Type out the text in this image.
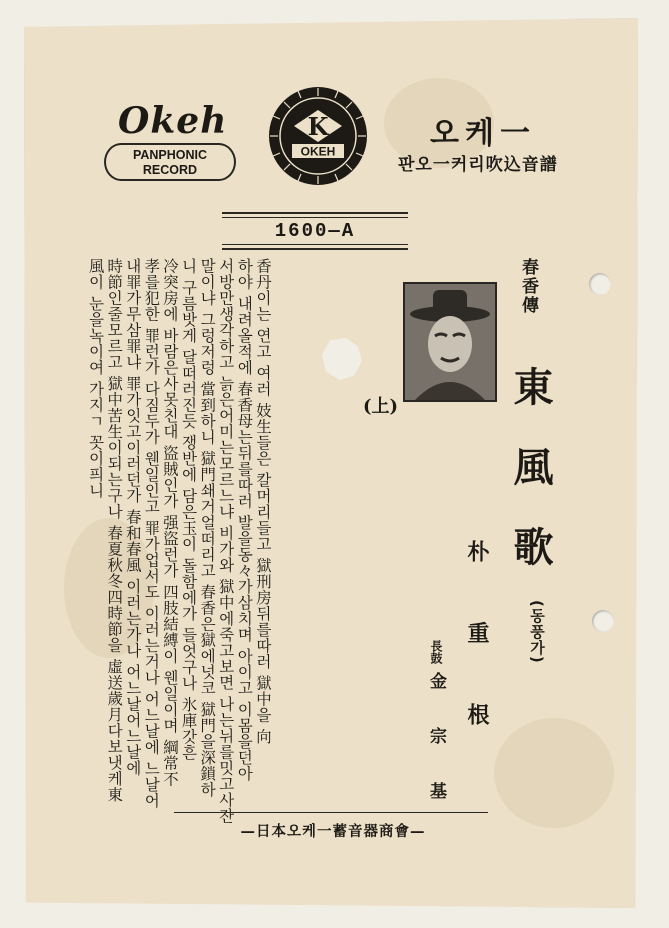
Okeh
PANPHONIC
RECORD
K
OKEH
오케一
판오一커리吹込音譜
1600—A
(上)
香丹이는 연고 여러 妓生들은 칼머리들고 獄刑房뒤를따러 獄中을 向
하야 내려올적에 春香母는뒤를따러 발을동々가삼치며 아이고 이몸을던아
서방만생각하고 늙은어미는모르느냐 비가와 獄中에죽고보면 나는뉘를밋고사잔
말이냐 그렁저렁 當到하니 獄門쇄거얼떠리고 春香은獄에넛코 獄門을深鎖하
니 구름밧게 달떠러진듯 쟁반에 담은玉이 돌함에가 들엇구나 氷庫갓흔
冷突房에 바람은사못친대 盜賊인가 强盜런가 四肢結縛이 웬일이며 綱常不
孝를犯한 罪런가 다짐두가 웬일인고 罪가업서도 이러는거나 어느날에 느날어
내罪가무삼罪냐 罪가잇고이러던가 春和春風 이러는가나 어느날어느날에
時節인줄모르고 獄中苦生이되는구나 春夏秋冬四時節을 虛送歲月다보냇케東
風이 눈을녹이여 가지ㄱ 꼿이픠니	春香傳
東風歌
(동풍가)
朴 重 根
長鼓
金 宗 基
—日本오케一蓄音器商會—
